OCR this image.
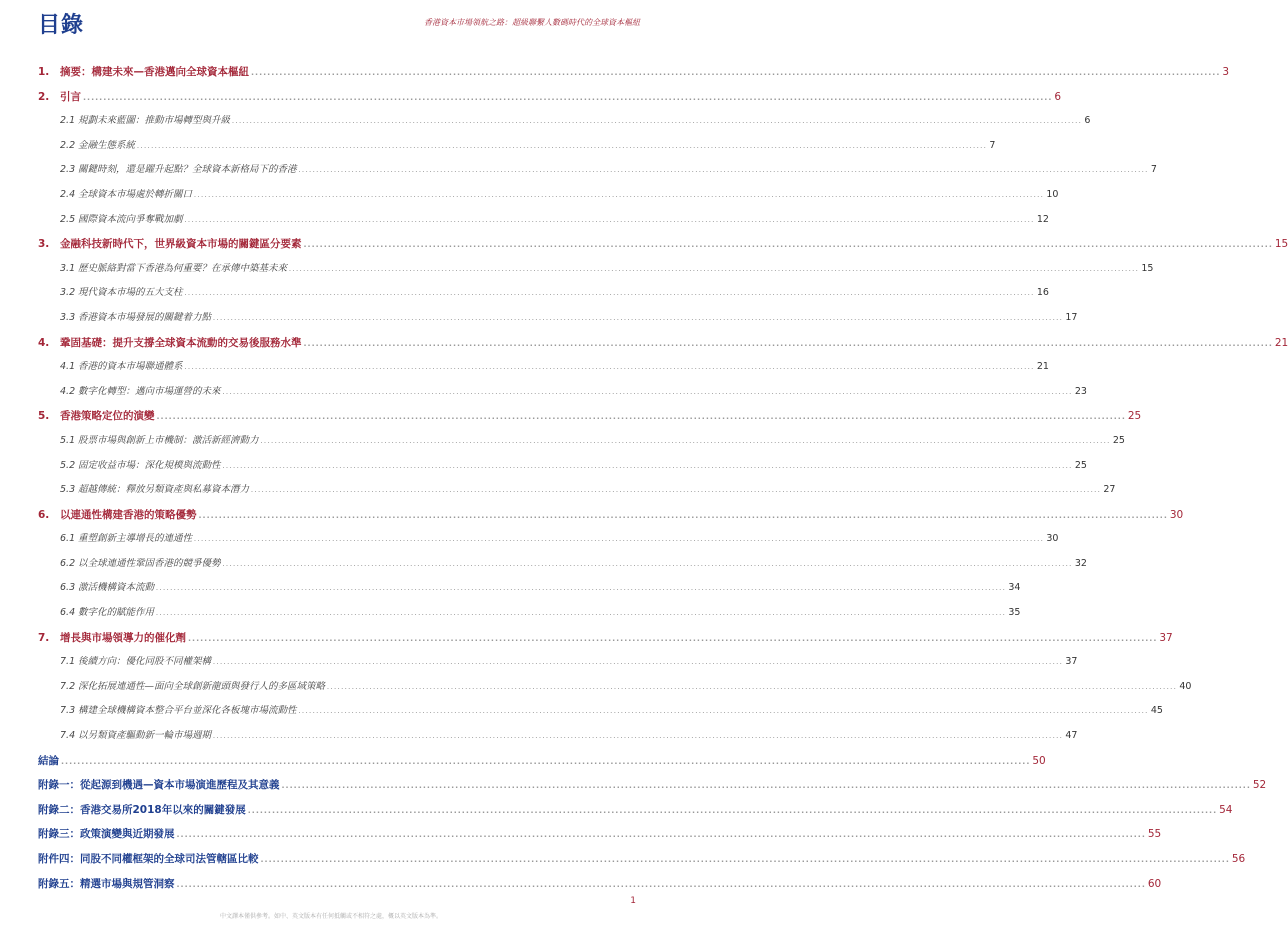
目錄	香港資本市場領航之路：超級聯繫人數碼時代的全球資本樞紐
1.	摘要：構建未來—香港邁向全球資本樞紐 .....	3
2.	引言 .....	6
2.1 規劃未來藍圖：推動市場轉型與升級 .....	6
2.2 金融生態系統 .....	7
2.3 關鍵時刻，還是躍升起點？全球資本新格局下的香港 .....	7
2.4 全球資本市場處於轉折關口 .....	10
2.5 國際資本流向爭奪戰加劇 .....	12
3.	金融科技新時代下，世界級資本市場的關鍵區分要素 .....	15
3.1 歷史脈絡對當下香港為何重要？在承傳中築基未來 .....	15
3.2 現代資本市場的五大支柱 .....	16
3.3 香港資本市場發展的關鍵着力點 .....	17
4.	鞏固基礎：提升支撐全球資本流動的交易後服務水準 .....	21
4.1 香港的資本市場聯通體系 .....	21
4.2 數字化轉型：邁向市場運營的未來 .....	23
5.	香港策略定位的演變 .....	25
5.1 股票市場與創新上市機制：激活新經濟動力 .....	25
5.2 固定收益市場：深化規模與流動性 .....	25
5.3 超越傳統：釋放另類資產與私募資本潛力 .....	27
6.	以連通性構建香港的策略優勢 .....	30
6.1 重塑創新主導增長的連通性 .....	30
6.2 以全球連通性鞏固香港的競爭優勢 .....	32
6.3 激活機構資本流動 .....	34
6.4 數字化的賦能作用 .....	35
7.	增長與市場領導力的催化劑 .....	37
7.1 後續方向：優化同股不同權架構 .....	37
7.2 深化拓展連通性—面向全球創新龍頭與發行人的多區域策略 .....	40
7.3 構建全球機構資本整合平台並深化各板塊市場流動性 .....	45
7.4 以另類資產驅動新一輪市場週期 .....	47
結論 .....	50
附錄一：從起源到機遇—資本市場演進歷程及其意義 .....	52
附錄二：香港交易所2018年以來的關鍵發展 .....	54
附錄三：政策演變與近期發展 .....	55
附件四：同股不同權框架的全球司法管轄區比較 .....	56
附錄五：精選市場與規管洞察 .....	60
1
中文譯本僅供參考。如中、英文版本有任何抵觸或不相符之處，概以英文版本為準。
